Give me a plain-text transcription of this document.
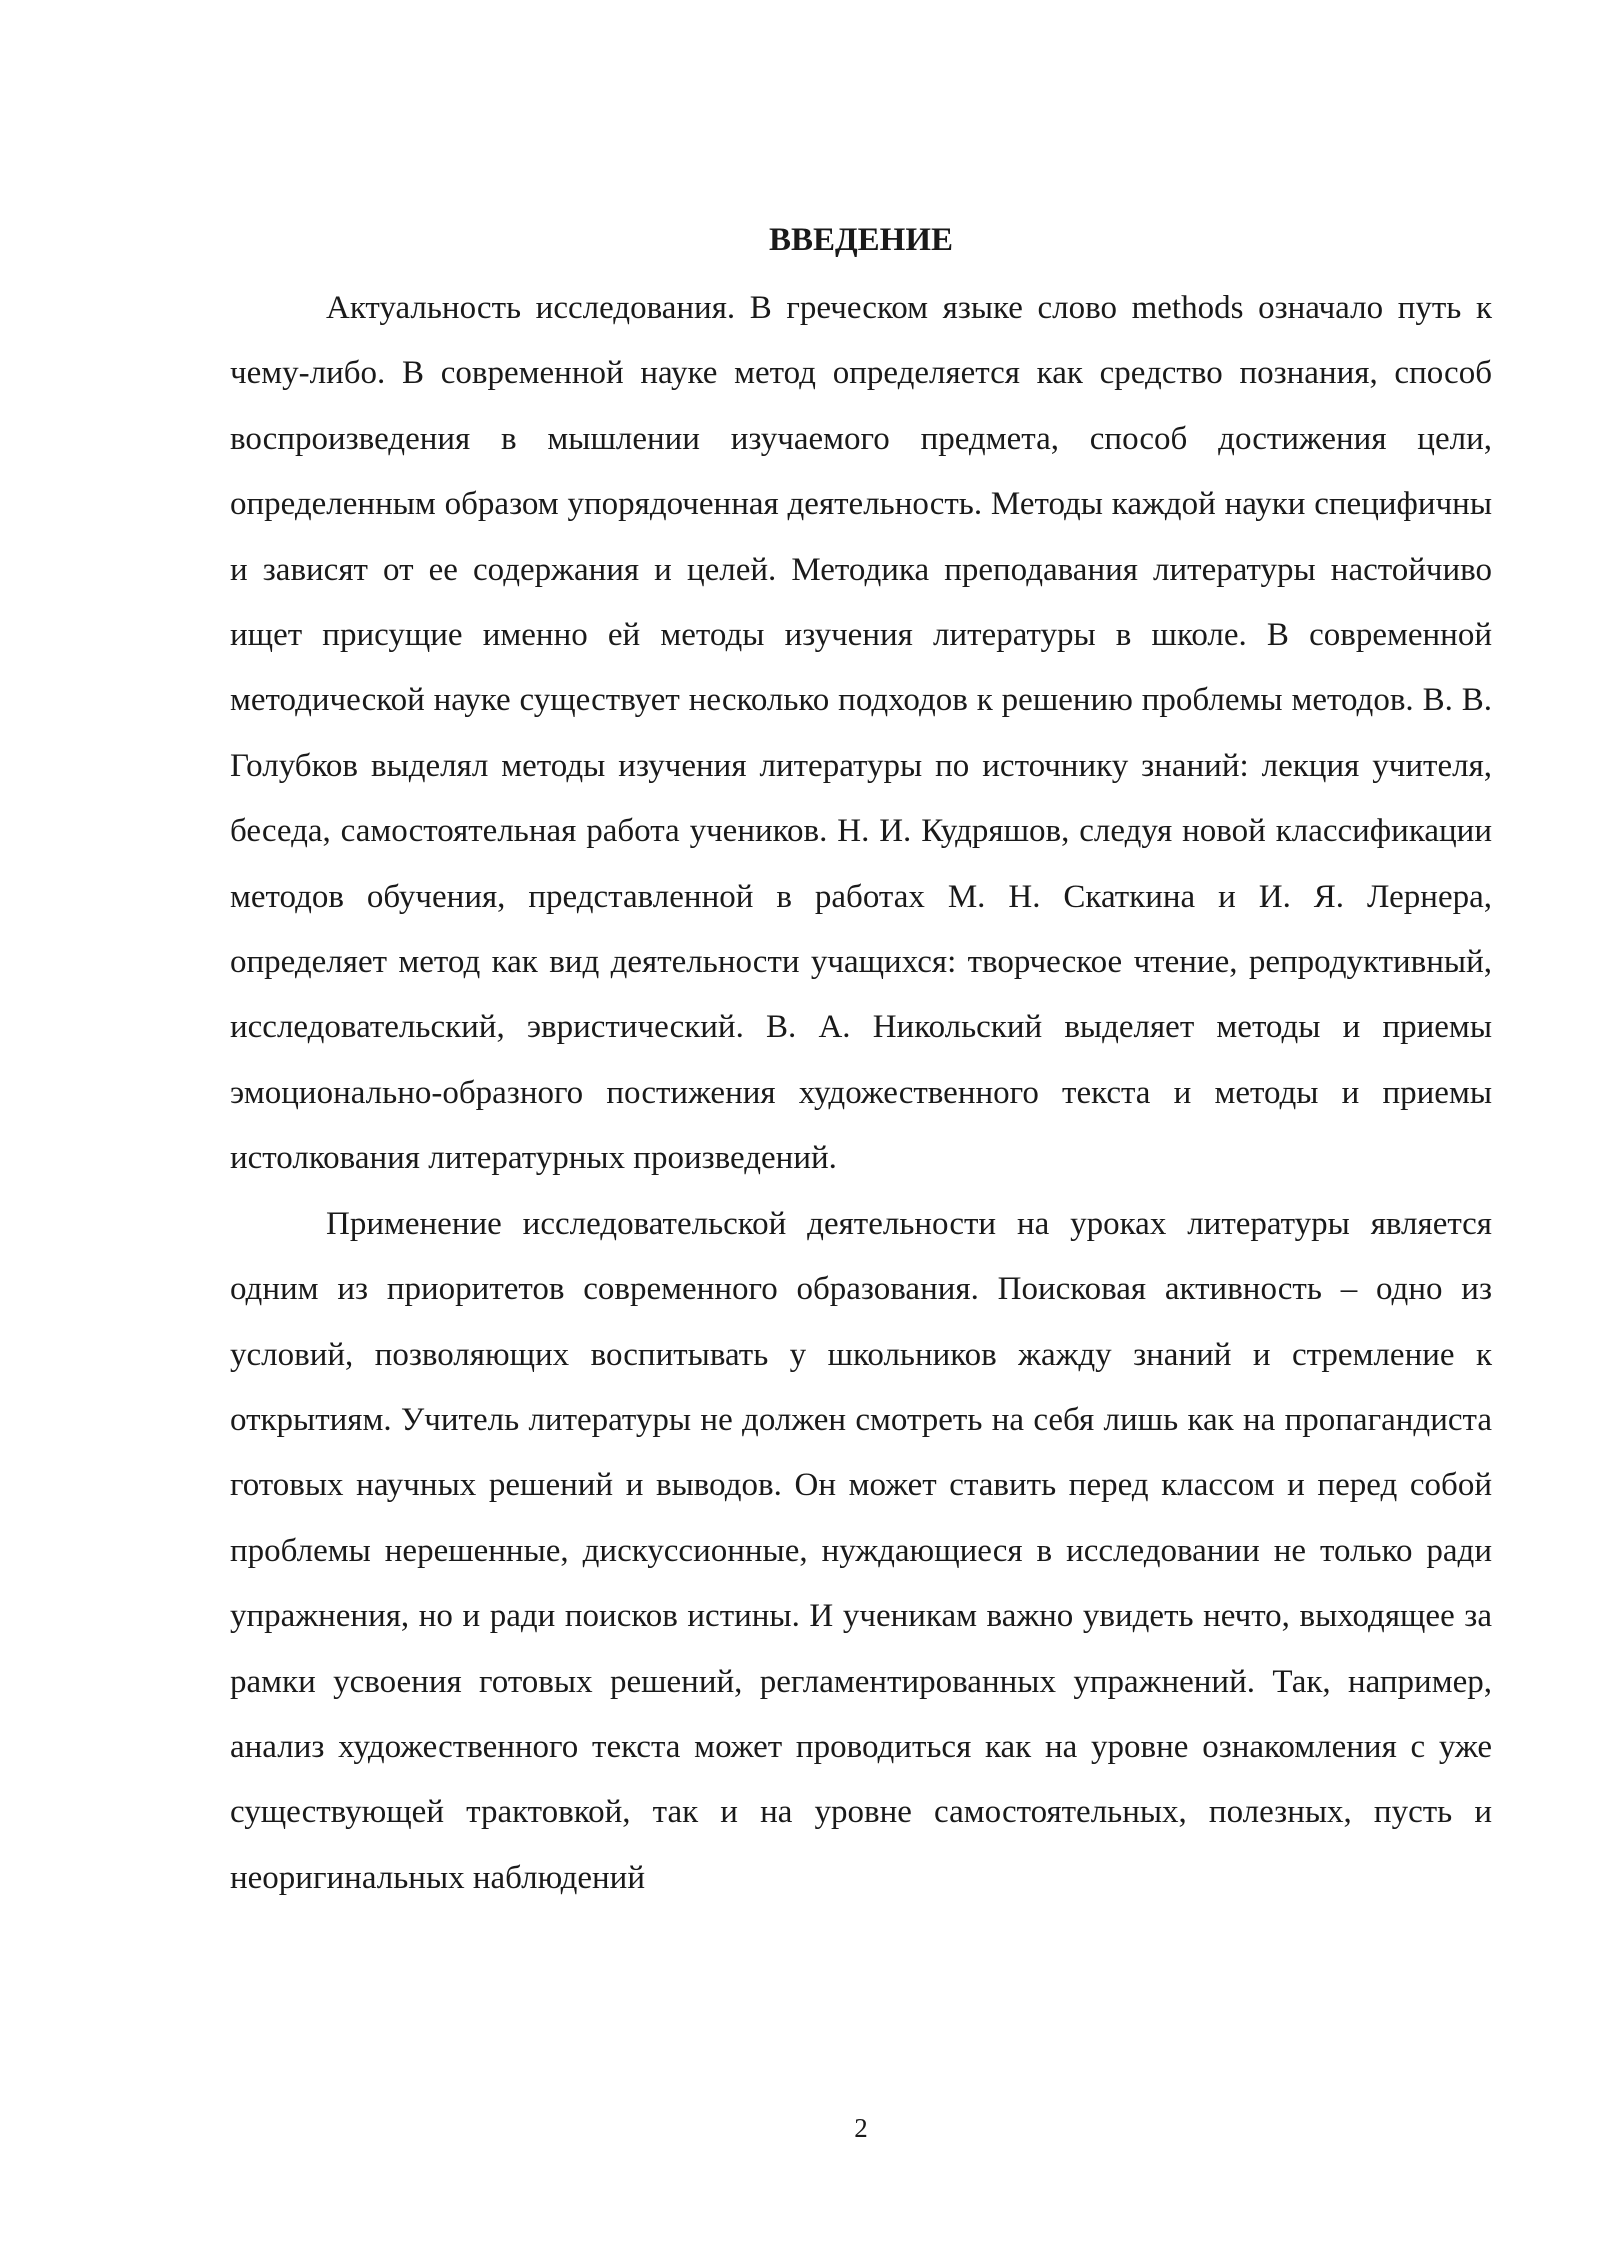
ВВЕДЕНИЕ

Актуальность исследования. В греческом языке слово methods означало путь к чему-либо. В современной науке метод определяется как средство познания, способ воспроизведения в мышлении изучаемого предмета, способ достижения цели, определенным образом упорядоченная деятельность. Методы каждой науки специфичны и зависят от ее содержания и целей. Методика преподавания литературы настойчиво ищет присущие именно ей методы изучения литературы в школе. В современной методической науке существует несколько подходов к решению проблемы методов. В. В. Голубков выделял методы изучения литературы по источнику знаний: лекция учителя, беседа, самостоятельная работа учеников. Н. И. Кудряшов, следуя новой классификации методов обучения, представленной в работах М. Н. Скаткина и И. Я. Лернера, определяет метод как вид деятельности учащихся: творческое чтение, репродуктивный, исследовательский, эвристический. В. А. Никольский выделяет методы и приемы эмоционально-образного постижения художественного текста и методы и приемы истолкования литературных произведений.

Применение исследовательской деятельности на уроках литературы является одним из приоритетов современного образования. Поисковая активность – одно из условий, позволяющих воспитывать у школьников жажду знаний и стремление к открытиям. Учитель литературы не должен смотреть на себя лишь как на пропагандиста готовых научных решений и выводов. Он может ставить перед классом и перед собой проблемы нерешенные, дискуссионные, нуждающиеся в исследовании не только ради упражнения, но и ради поисков истины. И ученикам важно увидеть нечто, выходящее за рамки усвоения готовых решений, регламентированных упражнений. Так, например, анализ художественного текста может проводиться как на уровне ознакомления с уже существующей трактовкой, так и на уровне самостоятельных, полезных, пусть и неоригинальных наблюдений

2
